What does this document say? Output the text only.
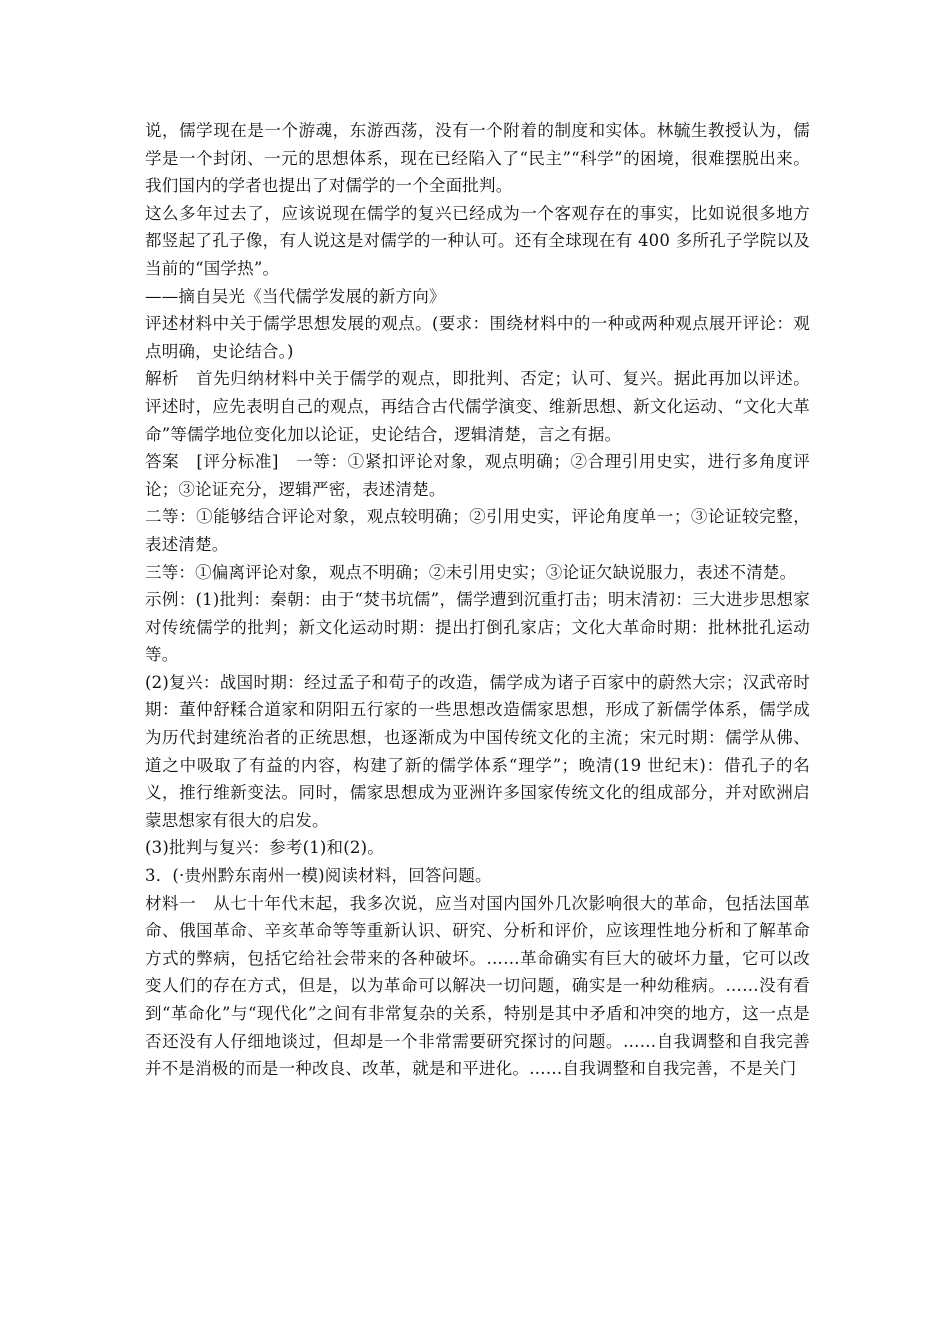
说，儒学现在是一个游魂，东游西荡，没有一个附着的制度和实体。林毓生教授认为，儒学是一个封闭、一元的思想体系，现在已经陷入了“民主”“科学”的困境，很难摆脱出来。我们国内的学者也提出了对儒学的一个全面批判。

这么多年过去了，应该说现在儒学的复兴已经成为一个客观存在的事实，比如说很多地方都竖起了孔子像，有人说这是对儒学的一种认可。还有全球现在有 400 多所孔子学院以及当前的“国学热”。

——摘自吴光《当代儒学发展的新方向》

评述材料中关于儒学思想发展的观点。(要求：围绕材料中的一种或两种观点展开评论：观点明确，史论结合。)

解析　首先归纳材料中关于儒学的观点，即批判、否定；认可、复兴。据此再加以评述。评述时，应先表明自己的观点，再结合古代儒学演变、维新思想、新文化运动、“文化大革命”等儒学地位变化加以论证，史论结合，逻辑清楚，言之有据。

答案　[评分标准]　一等：①紧扣评论对象，观点明确；②合理引用史实，进行多角度评论；③论证充分，逻辑严密，表述清楚。

二等：①能够结合评论对象，观点较明确；②引用史实，评论角度单一；③论证较完整，表述清楚。

三等：①偏离评论对象，观点不明确；②未引用史实；③论证欠缺说服力，表述不清楚。

示例：(1)批判：秦朝：由于“焚书坑儒”，儒学遭到沉重打击；明末清初：三大进步思想家对传统儒学的批判；新文化运动时期：提出打倒孔家店；文化大革命时期：批林批孔运动等。

(2)复兴：战国时期：经过孟子和荀子的改造，儒学成为诸子百家中的蔚然大宗；汉武帝时期：董仲舒糅合道家和阴阳五行家的一些思想改造儒家思想，形成了新儒学体系，儒学成为历代封建统治者的正统思想，也逐渐成为中国传统文化的主流；宋元时期：儒学从佛、道之中吸取了有益的内容，构建了新的儒学体系“理学”；晚清(19 世纪末)：借孔子的名义，推行维新变法。同时，儒家思想成为亚洲许多国家传统文化的组成部分，并对欧洲启蒙思想家有很大的启发。

(3)批判与复兴：参考(1)和(2)。

3．(·贵州黔东南州一模)阅读材料，回答问题。

材料一　从七十年代末起，我多次说，应当对国内国外几次影响很大的革命，包括法国革命、俄国革命、辛亥革命等等重新认识、研究、分析和评价，应该理性地分析和了解革命方式的弊病，包括它给社会带来的各种破坏。……革命确实有巨大的破坏力量，它可以改变人们的存在方式，但是，以为革命可以解决一切问题，确实是一种幼稚病。……没有看到“革命化”与“现代化”之间有非常复杂的关系，特别是其中矛盾和冲突的地方，这一点是否还没有人仔细地谈过，但却是一个非常需要研究探讨的问题。……自我调整和自我完善并不是消极的而是一种改良、改革，就是和平进化。……自我调整和自我完善，不是关门
